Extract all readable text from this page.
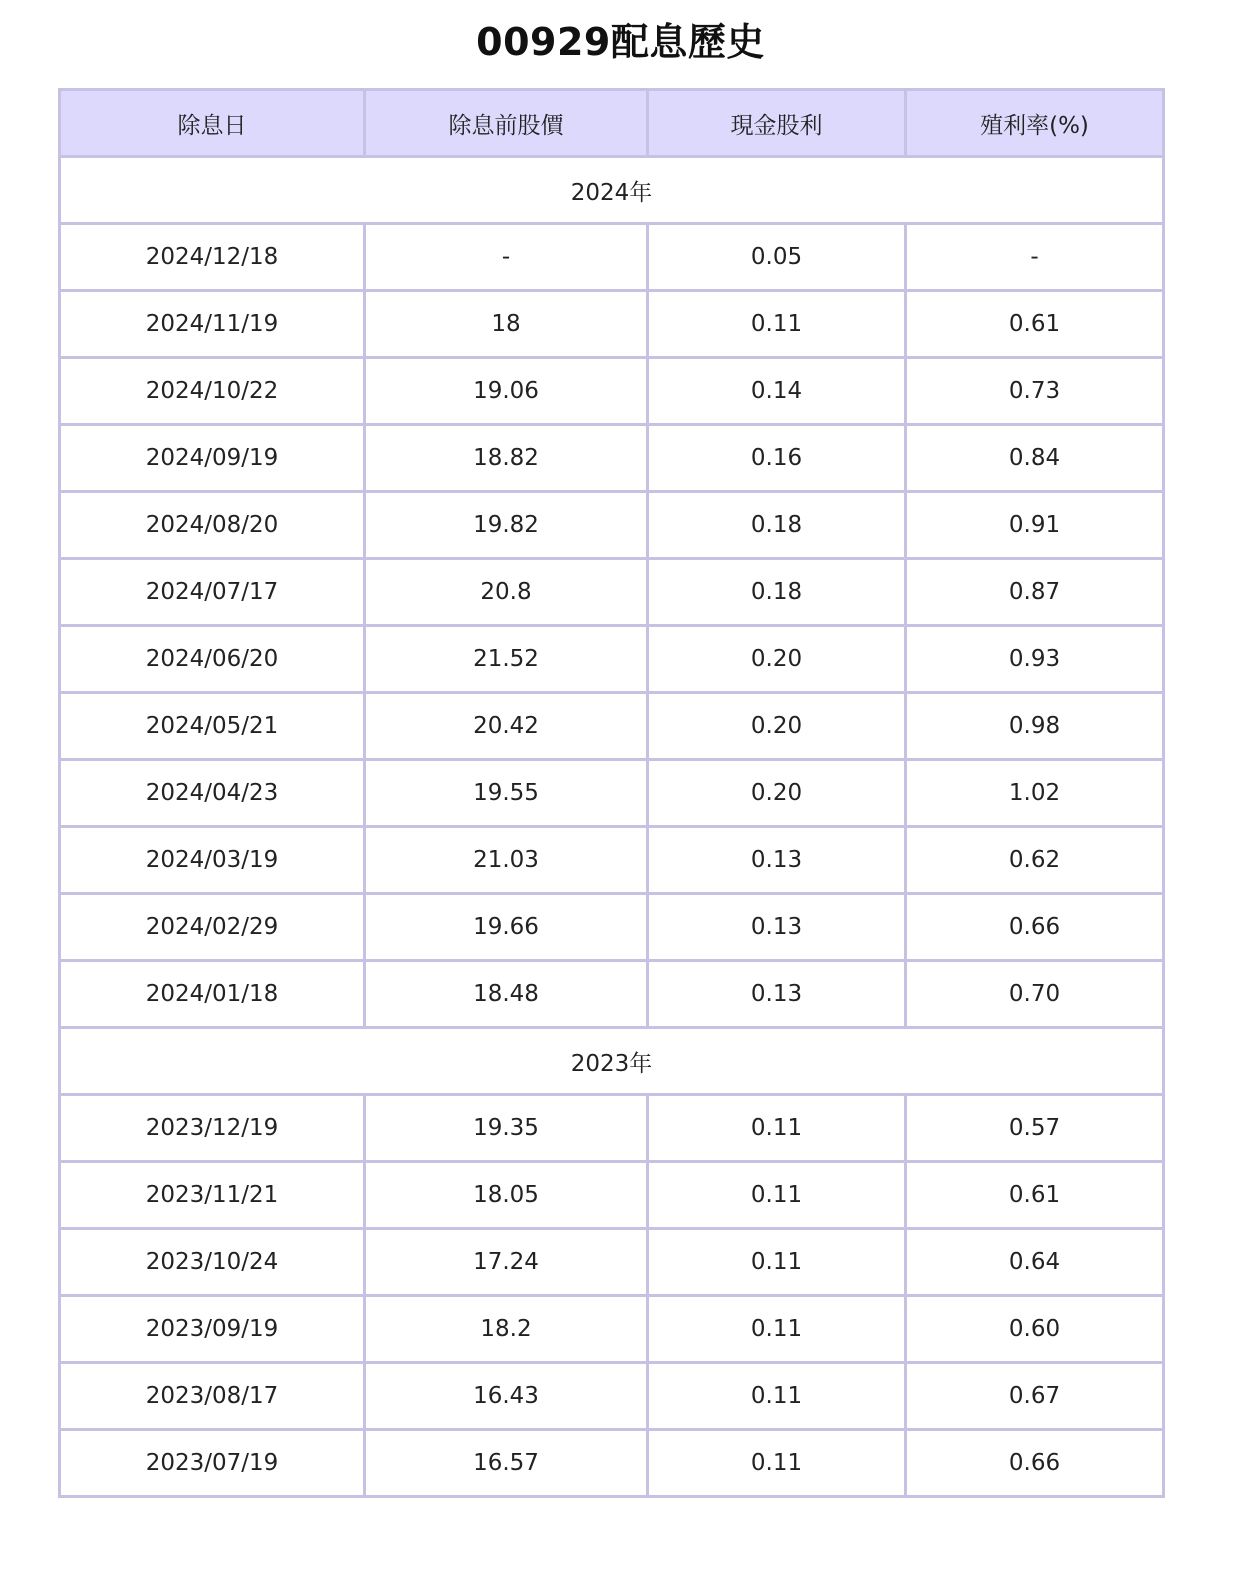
00929配息歷史
除息日	除息前股價	現金股利	殖利率(%)
2024年			
2024/12/18	-	0.05	-
2024/11/19	18	0.11	0.61
2024/10/22	19.06	0.14	0.73
2024/09/19	18.82	0.16	0.84
2024/08/20	19.82	0.18	0.91
2024/07/17	20.8	0.18	0.87
2024/06/20	21.52	0.20	0.93
2024/05/21	20.42	0.20	0.98
2024/04/23	19.55	0.20	1.02
2024/03/19	21.03	0.13	0.62
2024/02/29	19.66	0.13	0.66
2024/01/18	18.48	0.13	0.70
2023年			
2023/12/19	19.35	0.11	0.57
2023/11/21	18.05	0.11	0.61
2023/10/24	17.24	0.11	0.64
2023/09/19	18.2	0.11	0.60
2023/08/17	16.43	0.11	0.67
2023/07/19	16.57	0.11	0.66
